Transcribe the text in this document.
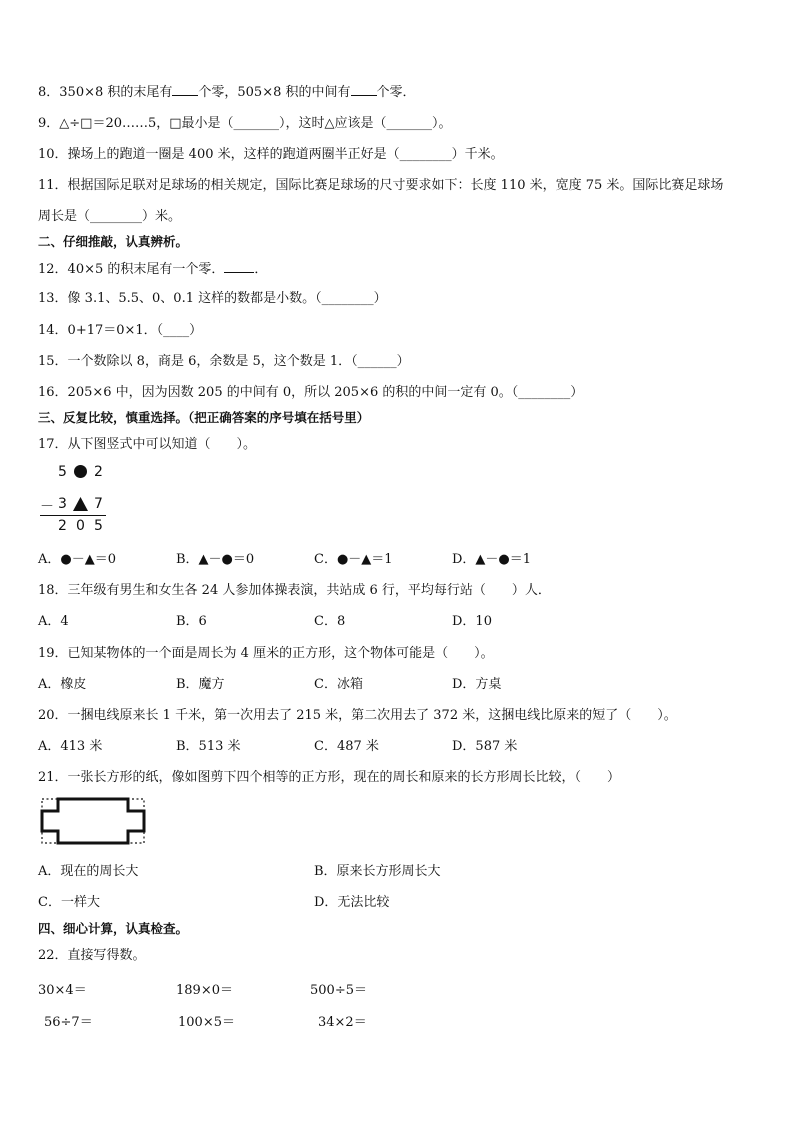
8．350×8 积的末尾有 个零，505×8 积的中间有 个零．
9．△÷□＝20……5，□最小是（_______），这时△应该是（_______）。
10．操场上的跑道一圈是 400 米，这样的跑道两圈半正好是（________）千米。
11．根据国际足联对足球场的相关规定，国际比赛足球场的尺寸要求如下：长度 110 米，宽度 75 米。国际比赛足球场
周长是（________）米。
二、仔细推敲，认真辨析。
12．40×5 的积末尾有一个零． ．
13．像 3.1、5.5、0、0.1 这样的数都是小数。（________）
14．0+17＝0×1．（____）
15．一个数除以 8，商是 6，余数是 5，这个数是 1．（______）
16．205×6 中，因为因数 205 的中间有 0，所以 205×6 的积的中间一定有 0。（________）
三、反复比较，慎重选择。（把正确答案的序号填在括号里）
17．从下图竖式中可以知道（　　）。
5 2
－ 3 7
2 0 5
A．●－▲＝0	B．▲－●＝0	C．●－▲＝1	D．▲－●＝1
18．三年级有男生和女生各 24 人参加体操表演，共站成 6 行，平均每行站（　　）人．
A．4	B．6	C．8	D．10
19．已知某物体的一个面是周长为 4 厘米的正方形，这个物体可能是（　　）。
A．橡皮	B．魔方	C．冰箱	D．方桌
20．一捆电线原来长 1 千米，第一次用去了 215 米，第二次用去了 372 米，这捆电线比原来的短了（　　）。
A．413 米	B．513 米	C．487 米	D．587 米
21．一张长方形的纸，像如图剪下四个相等的正方形，现在的周长和原来的长方形周长比较，（　　）
A．现在的周长大	B．原来长方形周长大
C．一样大	D．无法比较
四、细心计算，认真检查。
22．直接写得数。
30×4＝	189×0＝	500÷5＝
56÷7＝	100×5＝	34×2＝
